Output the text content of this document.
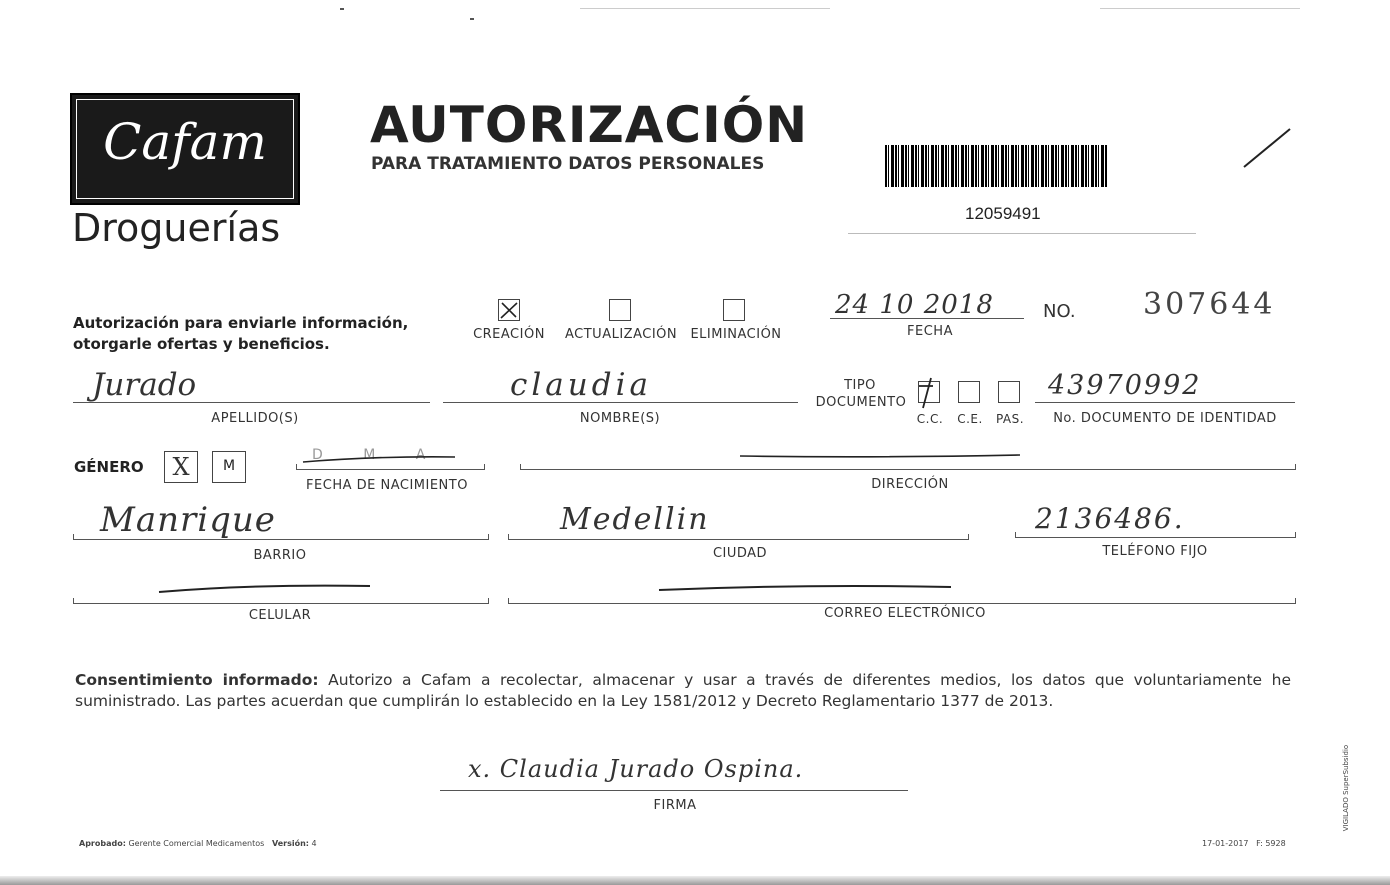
Cafam
Droguerías
AUTORIZACIÓN
PARA TRATAMIENTO DATOS PERSONALES
12059491
Autorización para enviarle información,
otorgarle ofertas y beneficios.
CREACIÓN	ACTUALIZACIÓN ELIMINACIÓN
24 10 2018
FECHA
NO. 307644
Jurado
APELLIDO(S)
claudia
NOMBRE(S)
TIPO
DOCUMENTO
C.C.	C.E.	PAS.
43970992
No. DOCUMENTO DE IDENTIDAD
GÉNERO	X	M
D M A
FECHA DE NACIMIENTO	DIRECCIÓN
Manrique
BARRIO
Medellin
CIUDAD
2136486.
TELÉFONO FIJO
CELULAR	CORREO ELECTRÓNICO
Consentimiento informado: Autorizo a Cafam a recolectar, almacenar y usar a través de diferentes medios, los datos que voluntariamente he suministrado. Las partes acuerdan que cumplirán lo establecido en la Ley 1581/2012 y Decreto Reglamentario 1377 de 2013.
x. Claudia Jurado Ospina.
FIRMA
Aprobado: Gerente Comercial Medicamentos Versión: 4	17-01-2017   F: 5928
VIGILADO SuperSubsidio
